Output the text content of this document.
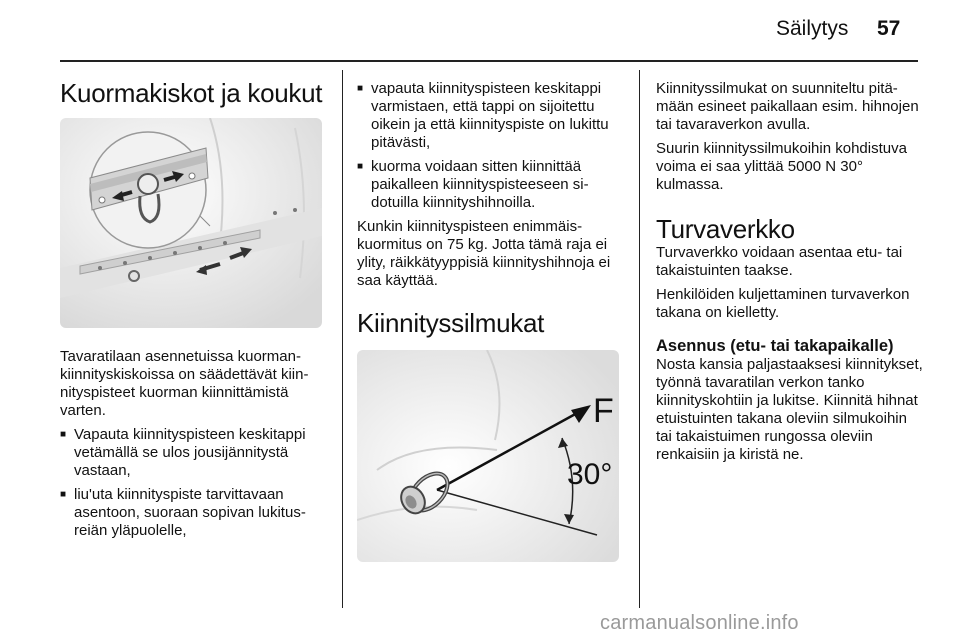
Säilytys 57
Kuormakiskot ja koukut

Tavaratilaan asennetuissa kuormankiinnityskiskoissa on säädettävät kiinnityspisteet kuorman kiinnittämistä varten.

■ Vapauta kiinnityspisteen keskitappi vetämällä se ulos jousijännitystä vastaan,
■ liu'uta kiinnityspiste tarvittavaan asentoon, suoraan sopivan lukitusreiän yläpuolelle,
■ vapauta kiinnityspisteen keskitappi varmistaen, että tappi on sijoitettu oikein ja että kiinnityspiste on lukittu pitävästi,
■ kuorma voidaan sitten kiinnittää paikalleen kiinnityspisteeseen sidotuilla kiinnityshihnoilla.

Kunkin kiinnityspisteen enimmäiskuormitus on 75 kg. Jotta tämä raja ei ylity, räikkätyyppisiä kiinnityshihnoja ei saa käyttää.

Kiinnityssilmukat
F
30°

Kiinnityssilmukat on suunniteltu pitämään esineet paikallaan esim. hihnojen tai tavaraverkon avulla.

Suurin kiinnityssilmukoihin kohdistuva voima ei saa ylittää 5000 N 30° kulmassa.

Turvaverkko

Turvaverkko voidaan asentaa etu- tai takaistuinten taakse.

Henkilöiden kuljettaminen turvaverkon takana on kielletty.

Asennus (etu- tai takapaikalle)

Nosta kansia paljastaaksesi kiinnitykset, työnnä tavaratilan verkon tanko kiinnityskohtiin ja lukitse. Kiinnitä hihnat etuistuinten takana oleviin silmukoihin tai takaistuimen rungossa oleviin renkaisiin ja kiristä ne.

carmanualsonline.info
